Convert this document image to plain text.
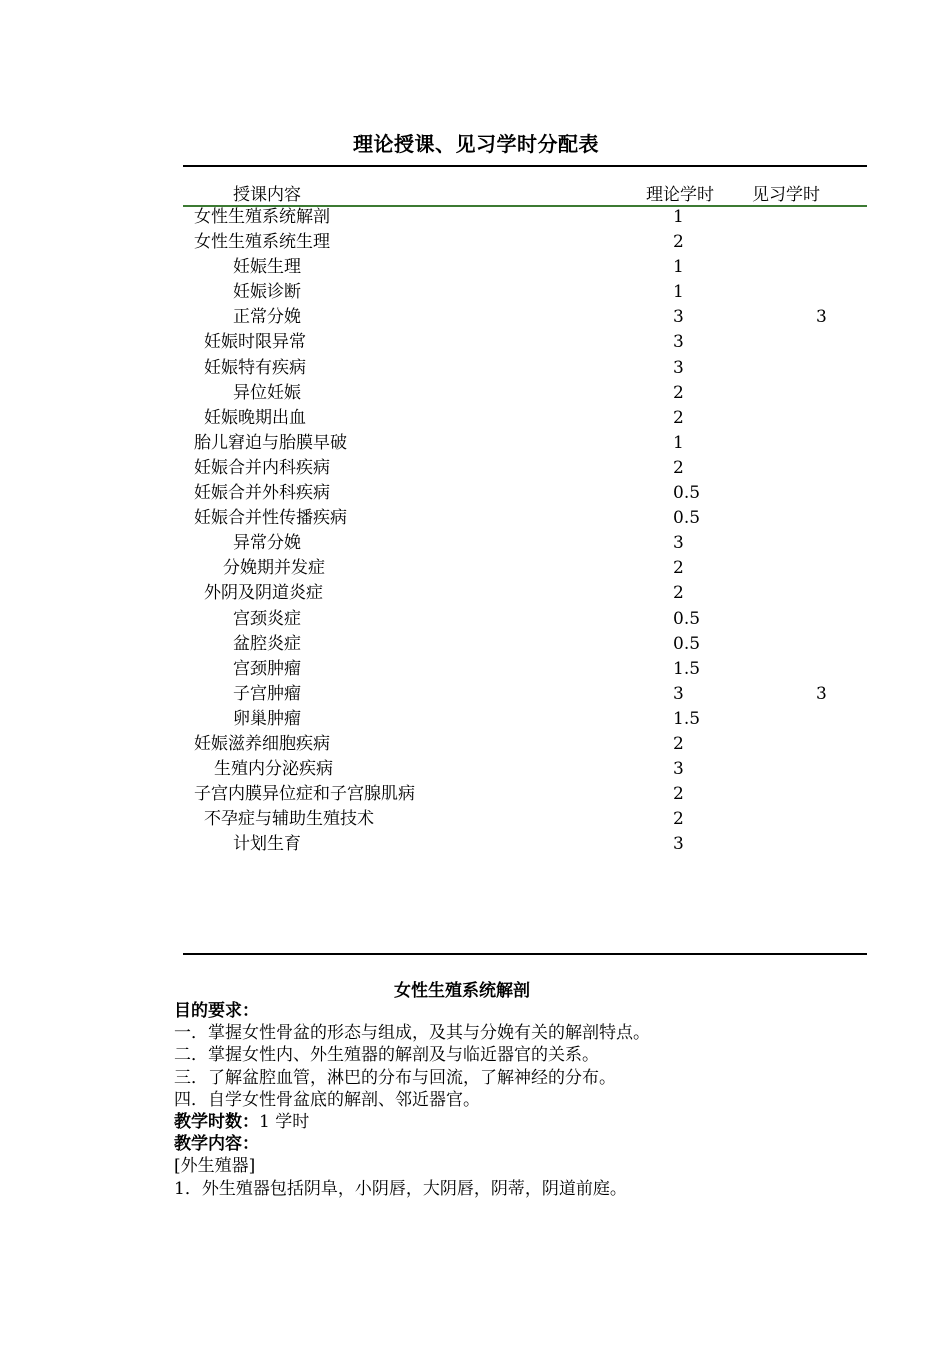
理论授课、见习学时分配表
授课内容	理论学时 见习学时
女性生殖系统解剖	1
女性生殖系统生理	2
妊娠生理	1
妊娠诊断	1
正常分娩	3	3
妊娠时限异常	3
妊娠特有疾病	3
异位妊娠	2
妊娠晚期出血	2
胎儿窘迫与胎膜早破	1
妊娠合并内科疾病	2
妊娠合并外科疾病	0.5
妊娠合并性传播疾病	0.5
异常分娩	3
分娩期并发症	2
外阴及阴道炎症	2
宫颈炎症	0.5
盆腔炎症	0.5
宫颈肿瘤	1.5
子宫肿瘤	3	3
卵巢肿瘤	1.5
妊娠滋养细胞疾病	2
生殖内分泌疾病	3
子宫内膜异位症和子宫腺肌病	2
不孕症与辅助生殖技术	2
计划生育	3
女性生殖系统解剖
目的要求：
一．掌握女性骨盆的形态与组成，及其与分娩有关的解剖特点。
二．掌握女性内、外生殖器的解剖及与临近器官的关系。
三．了解盆腔血管，淋巴的分布与回流，了解神经的分布。
四．自学女性骨盆底的解剖、邻近器官。
教学时数：1 学时
教学内容：
[外生殖器]
1．外生殖器包括阴阜，小阴唇，大阴唇，阴蒂，阴道前庭。
